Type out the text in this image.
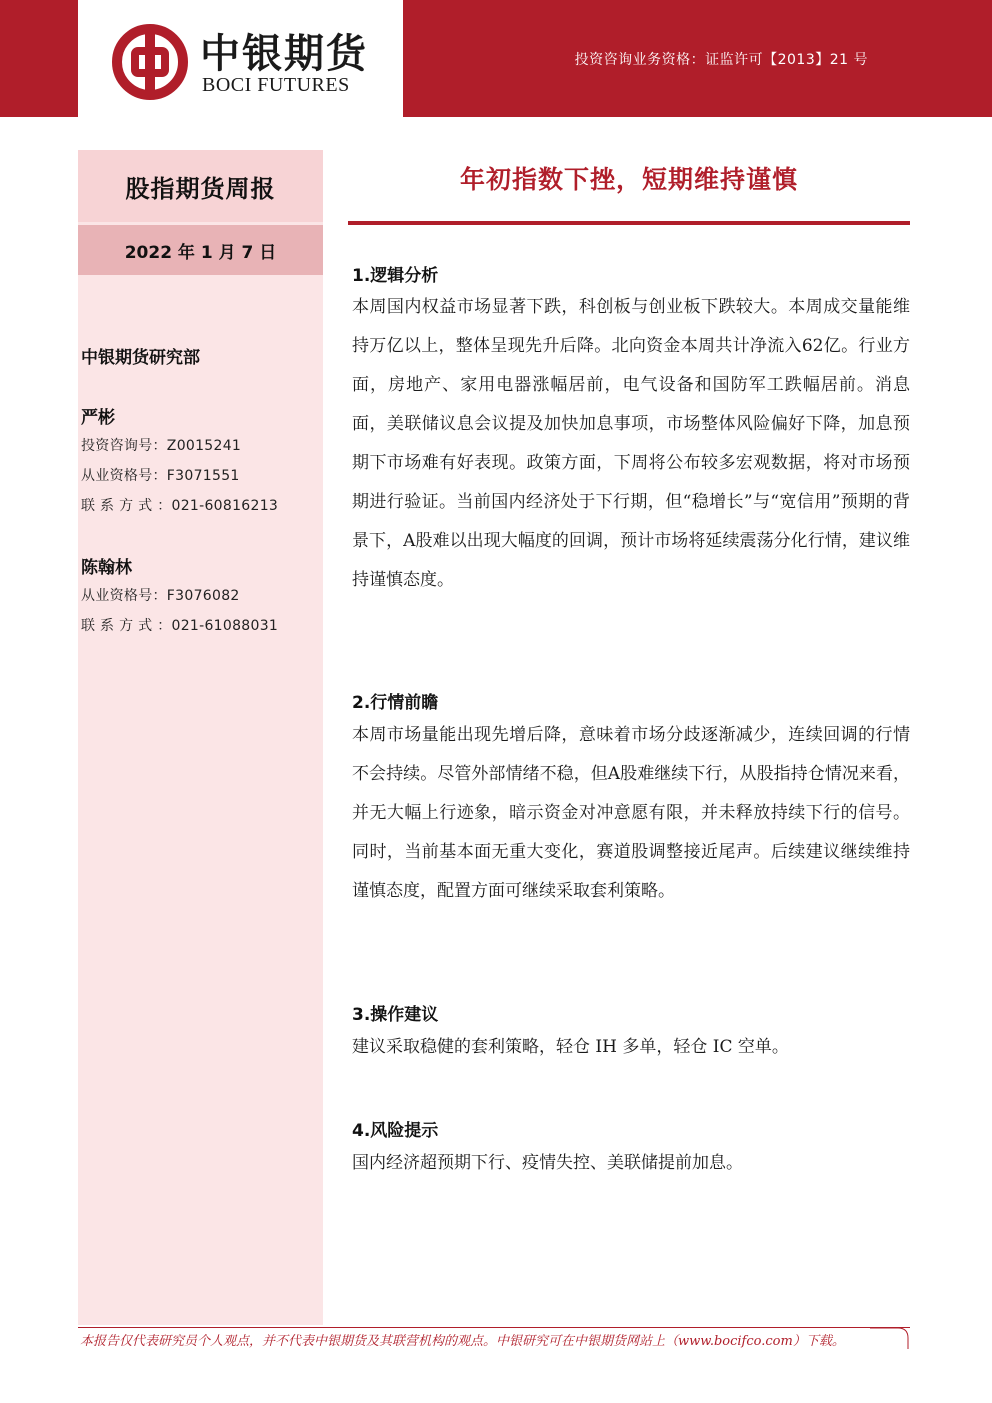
投资咨询业务资格：证监许可【2013】21 号
中银期货
BOCI FUTURES
股指期货周报
2022 年 1 月 7 日
中银期货研究部
严彬
投资咨询号：Z0015241
从业资格号：F3071551
联 系 方 式 ：021-60816213
陈翰林
从业资格号：F3076082
联 系 方 式 ：021-61088031
年初指数下挫，短期维持谨慎
1.逻辑分析
本周国内权益市场显著下跌，科创板与创业板下跌较大。本周成交量能维持万亿以上，整体呈现先升后降。北向资金本周共计净流入62亿。行业方面，房地产、家用电器涨幅居前，电气设备和国防军工跌幅居前。消息面，美联储议息会议提及加快加息事项，市场整体风险偏好下降，加息预期下市场难有好表现。政策方面，下周将公布较多宏观数据，将对市场预期进行验证。当前国内经济处于下行期，但“稳增长”与“宽信用”预期的背景下，A股难以出现大幅度的回调，预计市场将延续震荡分化行情，建议维持谨慎态度。
2.行情前瞻
本周市场量能出现先增后降，意味着市场分歧逐渐减少，连续回调的行情不会持续。尽管外部情绪不稳，但A股难继续下行，从股指持仓情况来看，并无大幅上行迹象，暗示资金对冲意愿有限，并未释放持续下行的信号。同时，当前基本面无重大变化，赛道股调整接近尾声。后续建议继续维持谨慎态度，配置方面可继续采取套利策略。
3.操作建议
建议采取稳健的套利策略，轻仓 IH 多单，轻仓 IC 空单。
4.风险提示
国内经济超预期下行、疫情失控、美联储提前加息。
本报告仅代表研究员个人观点，并不代表中银期货及其联营机构的观点。中银研究可在中银期货网站上（www.bocifco.com）下载。
